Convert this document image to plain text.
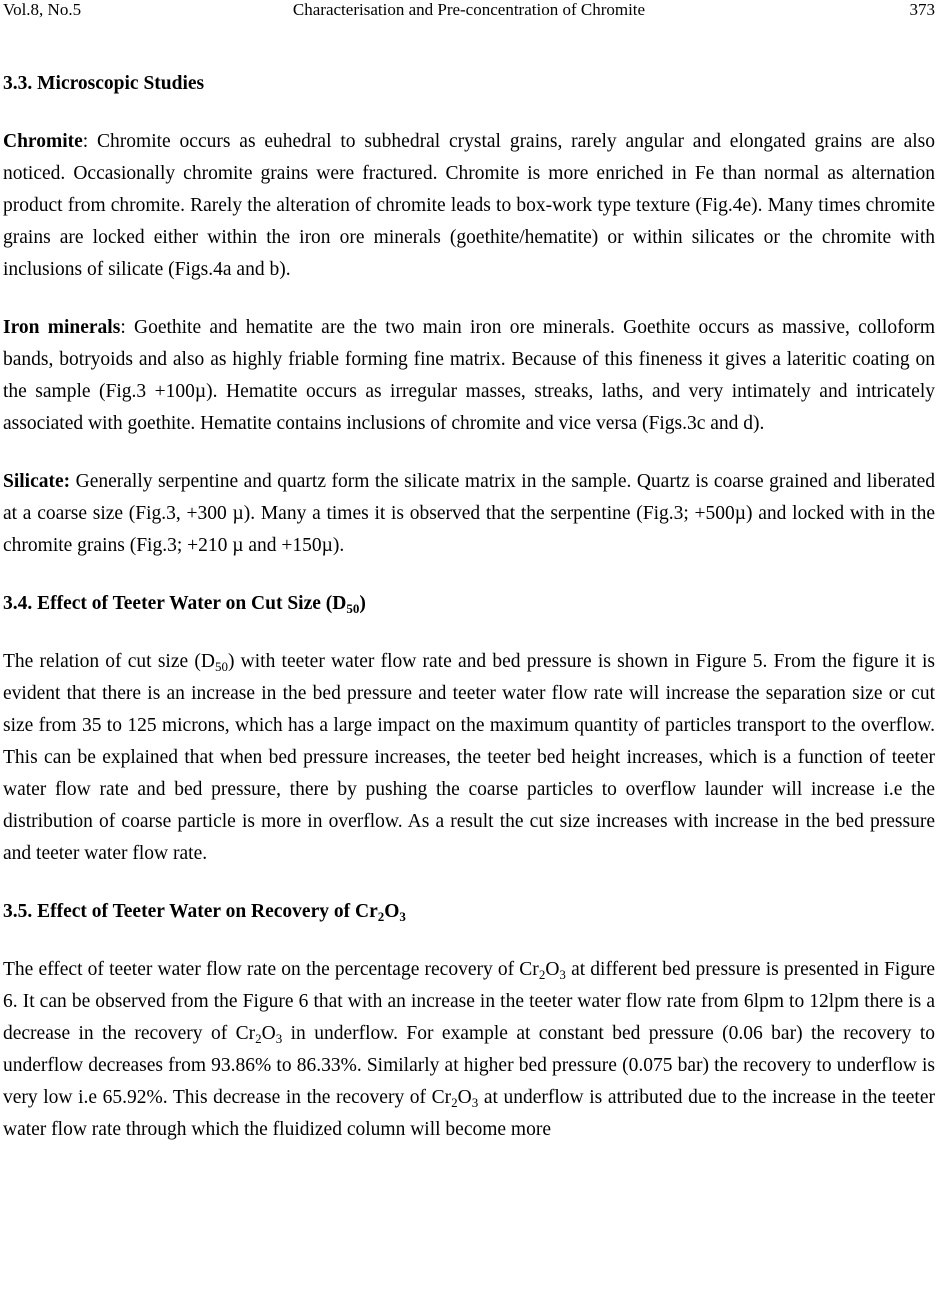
Vol.8, No.5	Characterisation and Pre-concentration of Chromite	373
3.3. Microscopic Studies

Chromite: Chromite occurs as euhedral to subhedral crystal grains, rarely angular and elongated grains are also noticed. Occasionally chromite grains were fractured. Chromite is more enriched in Fe than normal as alternation product from chromite. Rarely the alteration of chromite leads to box-work type texture (Fig.4e). Many times chromite grains are locked either within the iron ore minerals (goethite/hematite) or within silicates or the chromite with inclusions of silicate (Figs.4a and b).

Iron minerals: Goethite and hematite are the two main iron ore minerals. Goethite occurs as massive, colloform bands, botryoids and also as highly friable forming fine matrix. Because of this fineness it gives a lateritic coating on the sample (Fig.3 +100µ). Hematite occurs as irregular masses, streaks, laths, and very intimately and intricately associated with goethite. Hematite contains inclusions of chromite and vice versa (Figs.3c and d).

Silicate: Generally serpentine and quartz form the silicate matrix in the sample. Quartz is coarse grained and liberated at a coarse size (Fig.3, +300 µ). Many a times it is observed that the serpentine (Fig.3; +500µ) and locked with in the chromite grains (Fig.3; +210 µ and +150µ).

3.4. Effect of Teeter Water on Cut Size $(D_{50})$

The relation of cut size $(D_{50})$ with teeter water flow rate and bed pressure is shown in Figure 5. From the figure it is evident that there is an increase in the bed pressure and teeter water flow rate will increase the separation size or cut size from 35 to 125 microns, which has a large impact on the maximum quantity of particles transport to the overflow. This can be explained that when bed pressure increases, the teeter bed height increases, which is a function of teeter water flow rate and bed pressure, there by pushing the coarse particles to overflow launder will increase i.e the distribution of coarse particle is more in overflow. As a result the cut size increases with increase in the bed pressure and teeter water flow rate.

3.5. Effect of Teeter Water on Recovery of $Cr_2O_3$

The effect of teeter water flow rate on the percentage recovery of $Cr_2O_3$ at different bed pressure is presented in Figure 6. It can be observed from the Figure 6 that with an increase in the teeter water flow rate from 6lpm to 12lpm there is a decrease in the recovery of $Cr_2O_3$ in underflow. For example at constant bed pressure (0.06 bar) the recovery to underflow decreases from 93.86% to 86.33%. Similarly at higher bed pressure (0.075 bar) the recovery to underflow is very low i.e 65.92%. This decrease in the recovery of $Cr_2O_3$ at underflow is attributed due to the increase in the teeter water flow rate through which the fluidized column will become more
